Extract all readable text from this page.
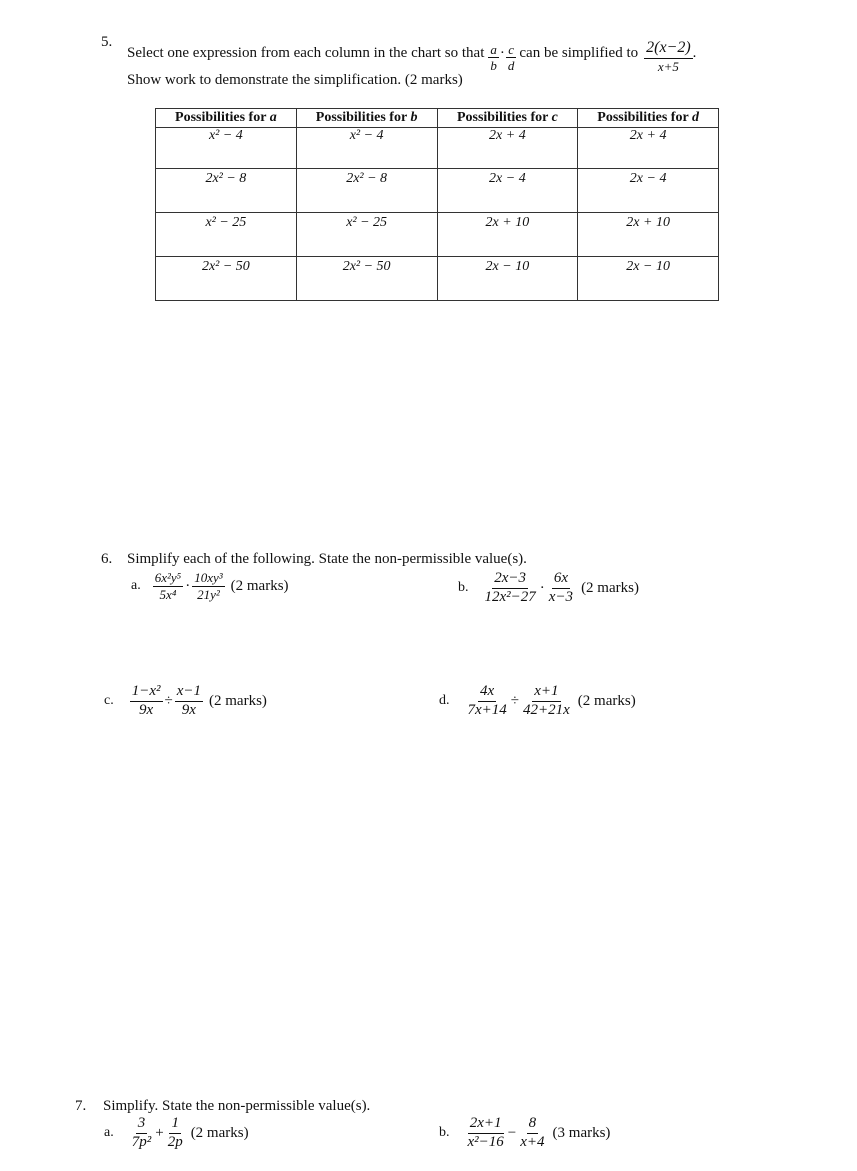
5.
Select one expression from each column in the chart so that $\frac{a}{b} \cdot \frac{c}{d}$ can be simplified to $\frac{2(x-2)}{x+5}$ .
Show work to demonstrate the simplification. (2 marks)
Possibilities for a	Possibilities for b	Possibilities for c	Possibilities for d
x² − 4	x² − 4	2x + 4	2x + 4
2x² − 8	2x² − 8	2x − 4	2x − 4
x² − 25	x² − 25	2x + 10	2x + 10
2x² − 50	2x² − 50	2x − 10	2x − 10
6. Simplify each of the following. State the non-permissible value(s).
a. $\frac{\text{6x²y⁵}}{\text{5x⁴}} \cdot \frac{\text{10xy³}}{\text{21y²}} (2$ marks)	b. $\frac{2x-3}{\text{12x²−27}} \cdot \frac{6x}{x-3} (2$ marks)
c. $\frac{\text{1−x²}}{9x} \div \frac{x-1}{9x} (2$ marks)	d. $\frac{4x}{7x+14} \div \frac{x+1}{42+21x} (2$ marks)
7. Simplify. State the non-permissible value(s).
a. $\frac{3}{\text{7p²}} + \frac{1}{2p} (2$ marks)	b. $\frac{2x+1}{\text{x²−16}} - \frac{8}{x+4} (3$ marks)
